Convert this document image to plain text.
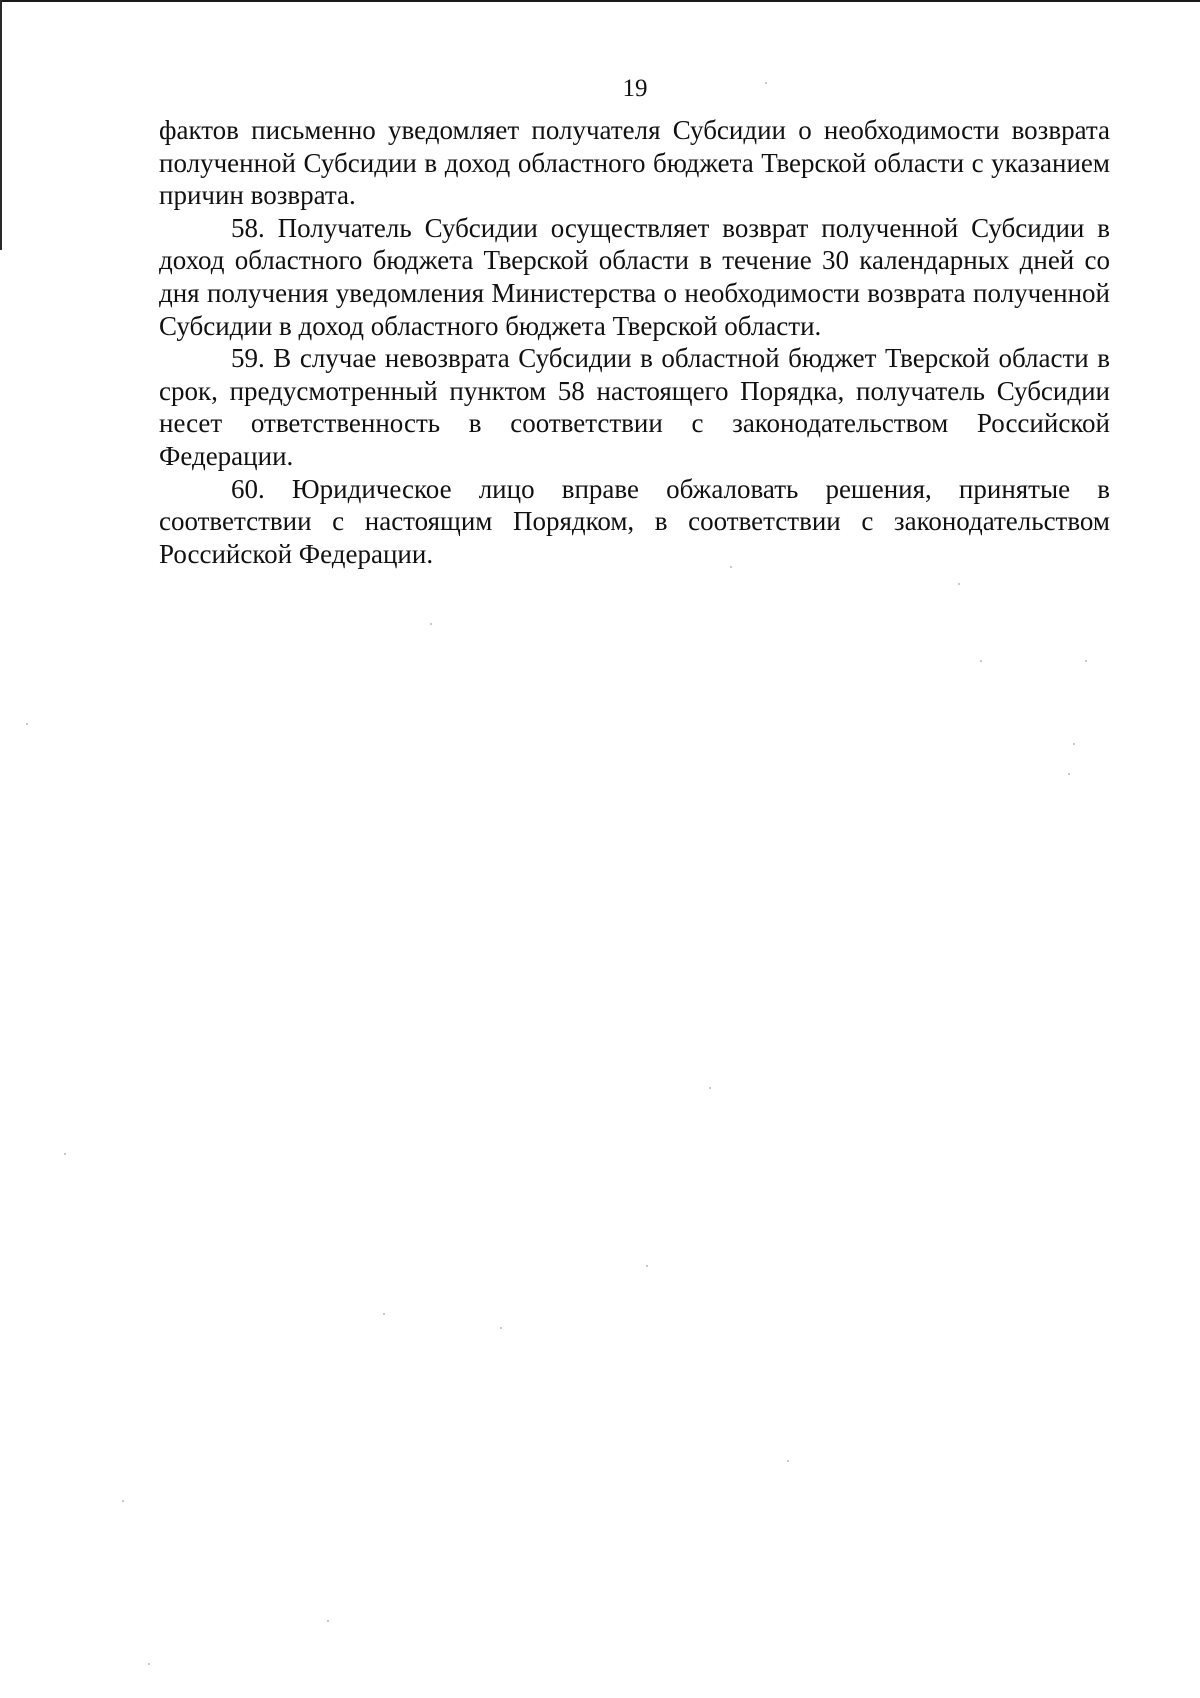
19

фактов письменно уведомляет получателя Субсидии о необходимости возврата полученной Субсидии в доход областного бюджета Тверской области с указанием причин возврата.

58. Получатель Субсидии осуществляет возврат полученной Субсидии в доход областного бюджета Тверской области в течение 30 календарных дней со дня получения уведомления Министерства о необходимости возврата полученной Субсидии в доход областного бюджета Тверской области.

59. В случае невозврата Субсидии в областной бюджет Тверской области в срок, предусмотренный пунктом 58 настоящего Порядка, получатель Субсидии несет ответственность в соответствии с законодательством Российской Федерации.

60. Юридическое лицо вправе обжаловать решения, принятые в соответствии с настоящим Порядком, в соответствии с законодательством Российской Федерации.
